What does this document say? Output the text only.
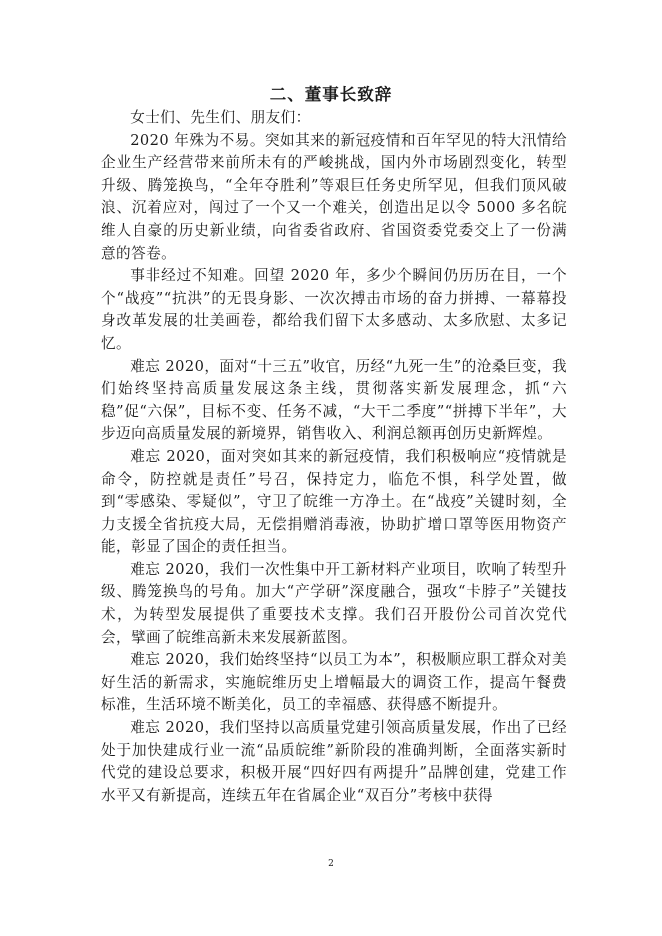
二、董事长致辞

女士们、先生们、朋友们：

2020 年殊为不易。突如其来的新冠疫情和百年罕见的特大汛情给企业生产经营带来前所未有的严峻挑战，国内外市场剧烈变化，转型升级、腾笼换鸟，“全年夺胜利”等艰巨任务史所罕见，但我们顶风破浪、沉着应对，闯过了一个又一个难关，创造出足以令 5000 多名皖维人自豪的历史新业绩，向省委省政府、省国资委党委交上了一份满意的答卷。

事非经过不知难。回望 2020 年，多少个瞬间仍历历在目，一个个“战疫”“抗洪”的无畏身影、一次次搏击市场的奋力拼搏、一幕幕投身改革发展的壮美画卷，都给我们留下太多感动、太多欣慰、太多记忆。

难忘 2020，面对“十三五”收官，历经“九死一生”的沧桑巨变，我们始终坚持高质量发展这条主线，贯彻落实新发展理念，抓“六稳”促“六保”，目标不变、任务不减，“大干二季度”“拼搏下半年”，大步迈向高质量发展的新境界，销售收入、利润总额再创历史新辉煌。

难忘 2020，面对突如其来的新冠疫情，我们积极响应“疫情就是命令，防控就是责任”号召，保持定力，临危不惧，科学处置，做到“零感染、零疑似”，守卫了皖维一方净土。在“战疫”关键时刻，全力支援全省抗疫大局，无偿捐赠消毒液，协助扩增口罩等医用物资产能，彰显了国企的责任担当。

难忘 2020，我们一次性集中开工新材料产业项目，吹响了转型升级、腾笼换鸟的号角。加大“产学研”深度融合，强攻“卡脖子”关键技术，为转型发展提供了重要技术支撑。我们召开股份公司首次党代会，擘画了皖维高新未来发展新蓝图。

难忘 2020，我们始终坚持“以员工为本”，积极顺应职工群众对美好生活的新需求，实施皖维历史上增幅最大的调资工作，提高午餐费标准，生活环境不断美化，员工的幸福感、获得感不断提升。

难忘 2020，我们坚持以高质量党建引领高质量发展，作出了已经处于加快建成行业一流“品质皖维”新阶段的准确判断，全面落实新时代党的建设总要求，积极开展“四好四有两提升”品牌创建，党建工作水平又有新提高，连续五年在省属企业“双百分”考核中获得

2
